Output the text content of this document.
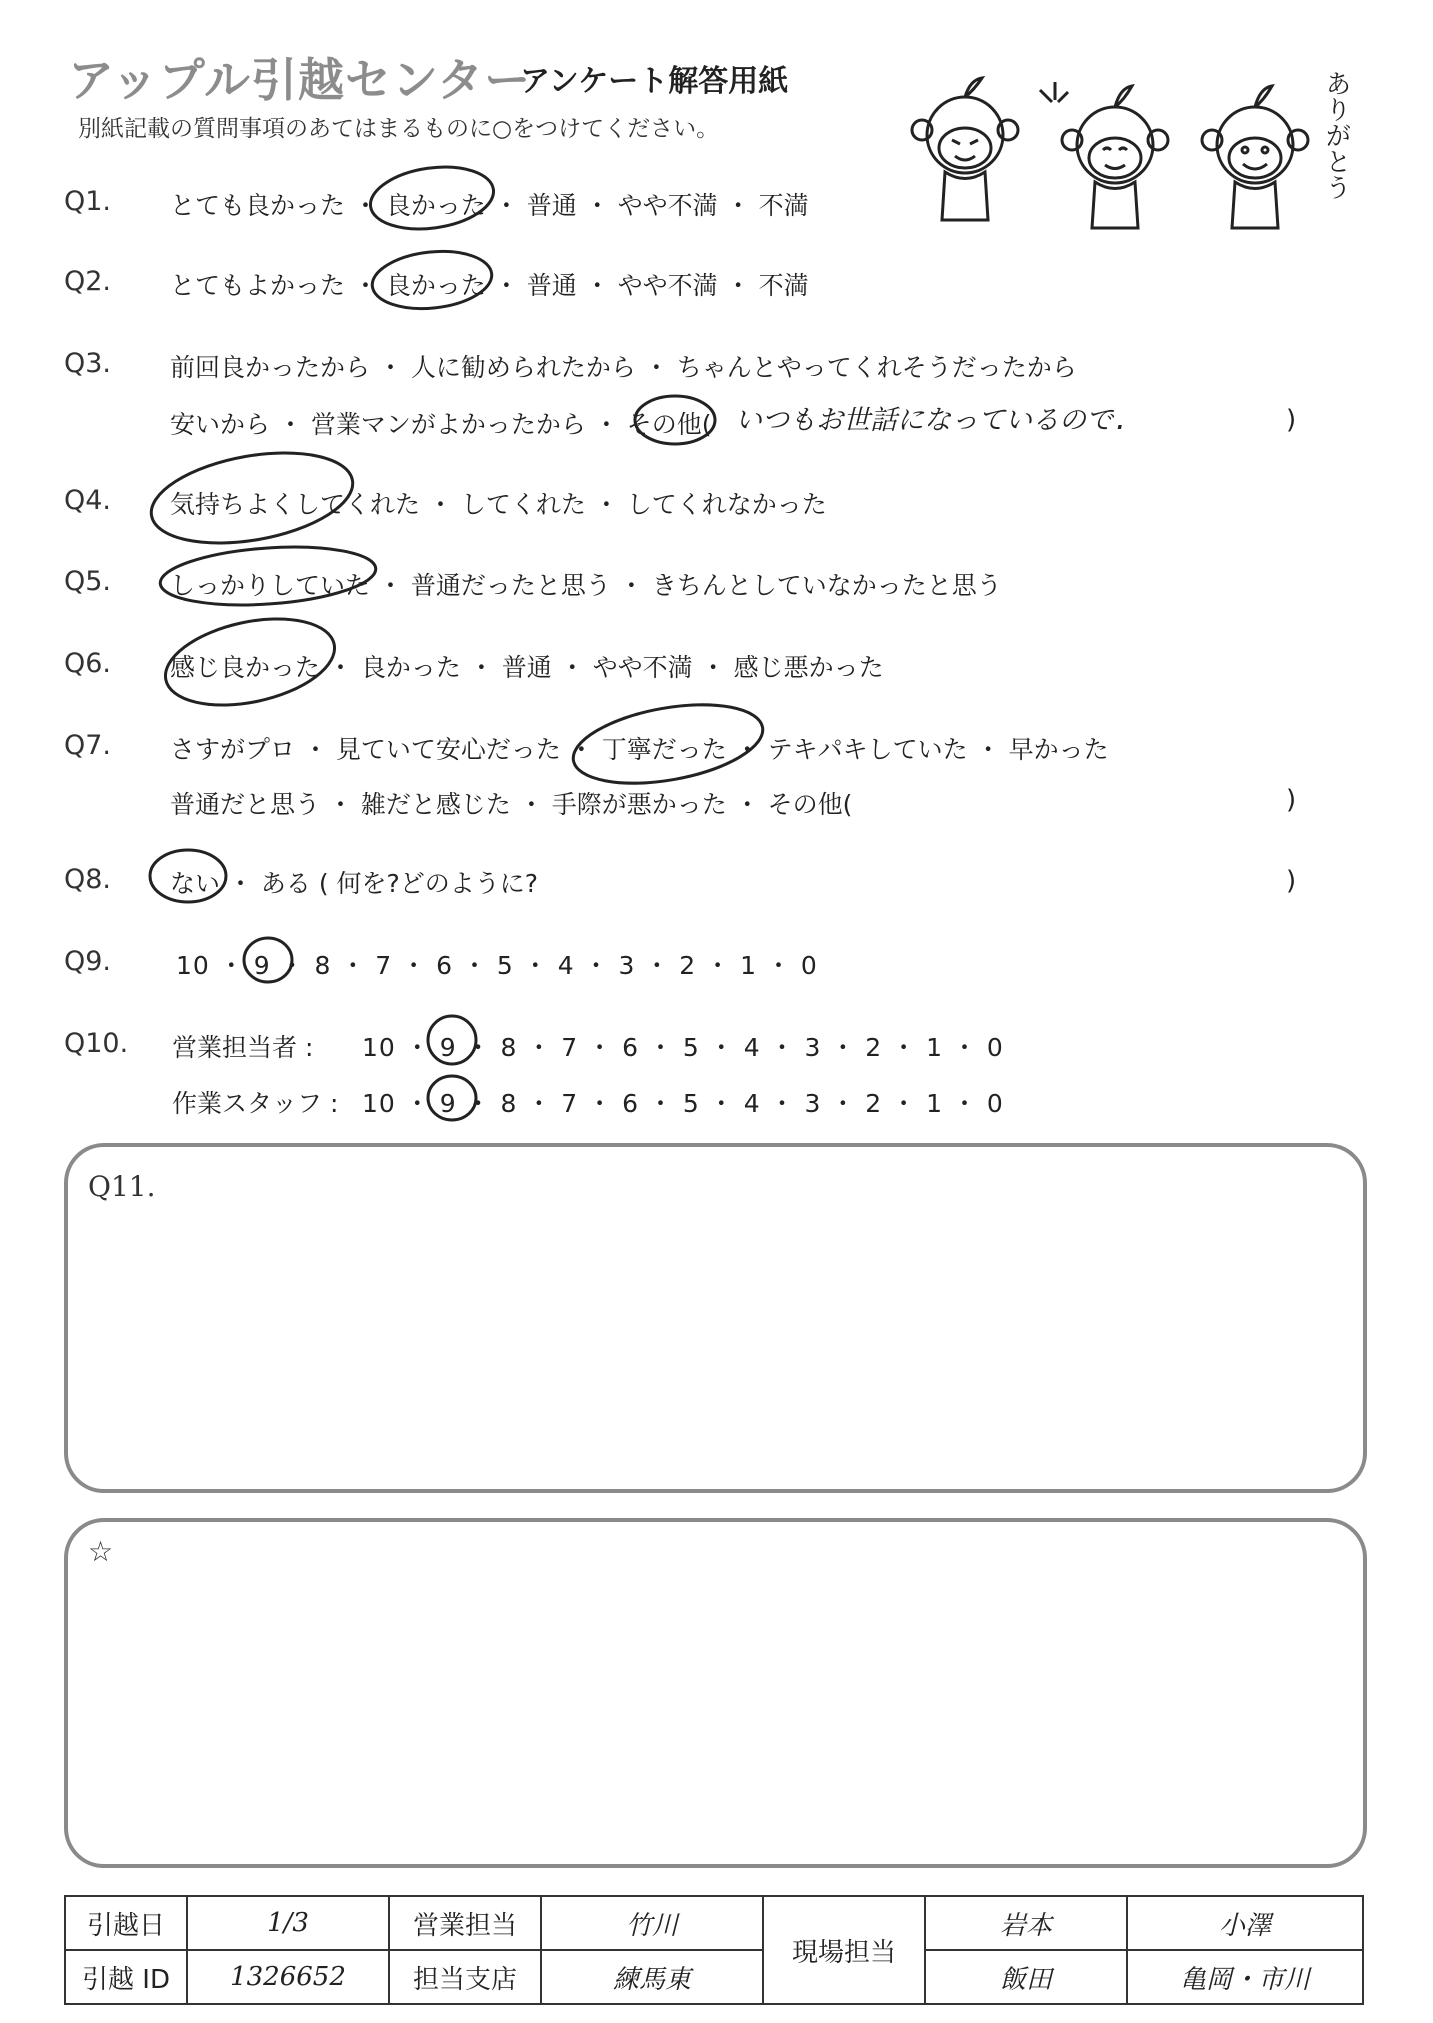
アップル引越センター
アンケート解答用紙
別紙記載の質問事項のあてはまるものに○をつけてください。	ありがとう
Q1. とても良かった ・ 良かった ・ 普通 ・ やや不満 ・ 不満
Q2. とてもよかった ・ 良かった ・ 普通 ・ やや不満 ・ 不満
Q3. 前回良かったから ・ 人に勧められたから ・ ちゃんとやってくれそうだったから
安いから ・ 営業マンがよかったから ・ その他( いつもお世話になっているので.	)
Q4. 気持ちよくしてくれた ・ してくれた ・ してくれなかった
Q5. しっかりしていた ・ 普通だったと思う ・ きちんとしていなかったと思う
Q6. 感じ良かった ・ 良かった ・ 普通 ・ やや不満 ・ 感じ悪かった
Q7. さすがプロ ・ 見ていて安心だった ・ 丁寧だった ・ テキパキしていた ・ 早かった
普通だと思う ・ 雑だと感じた ・ 手際が悪かった ・ その他(	)
Q8. ない ・ ある ( 何を?どのように?	)
Q9.	10 ・ 9 ・ 8 ・ 7 ・ 6 ・ 5 ・ 4 ・ 3 ・ 2 ・ 1 ・ 0
Q10. 営業担当者 : 10 ・ 9 ・ 8 ・ 7 ・ 6 ・ 5 ・ 4 ・ 3 ・ 2 ・ 1 ・ 0
作業スタッフ : 10 ・ 9 ・ 8 ・ 7 ・ 6 ・ 5 ・ 4 ・ 3 ・ 2 ・ 1 ・ 0
Q11.
☆
引越日	1/3	営業担当	竹川	現場担当	岩本	小澤
引越 ID	1326652	担当支店	練馬東		飯田	亀岡・市川
